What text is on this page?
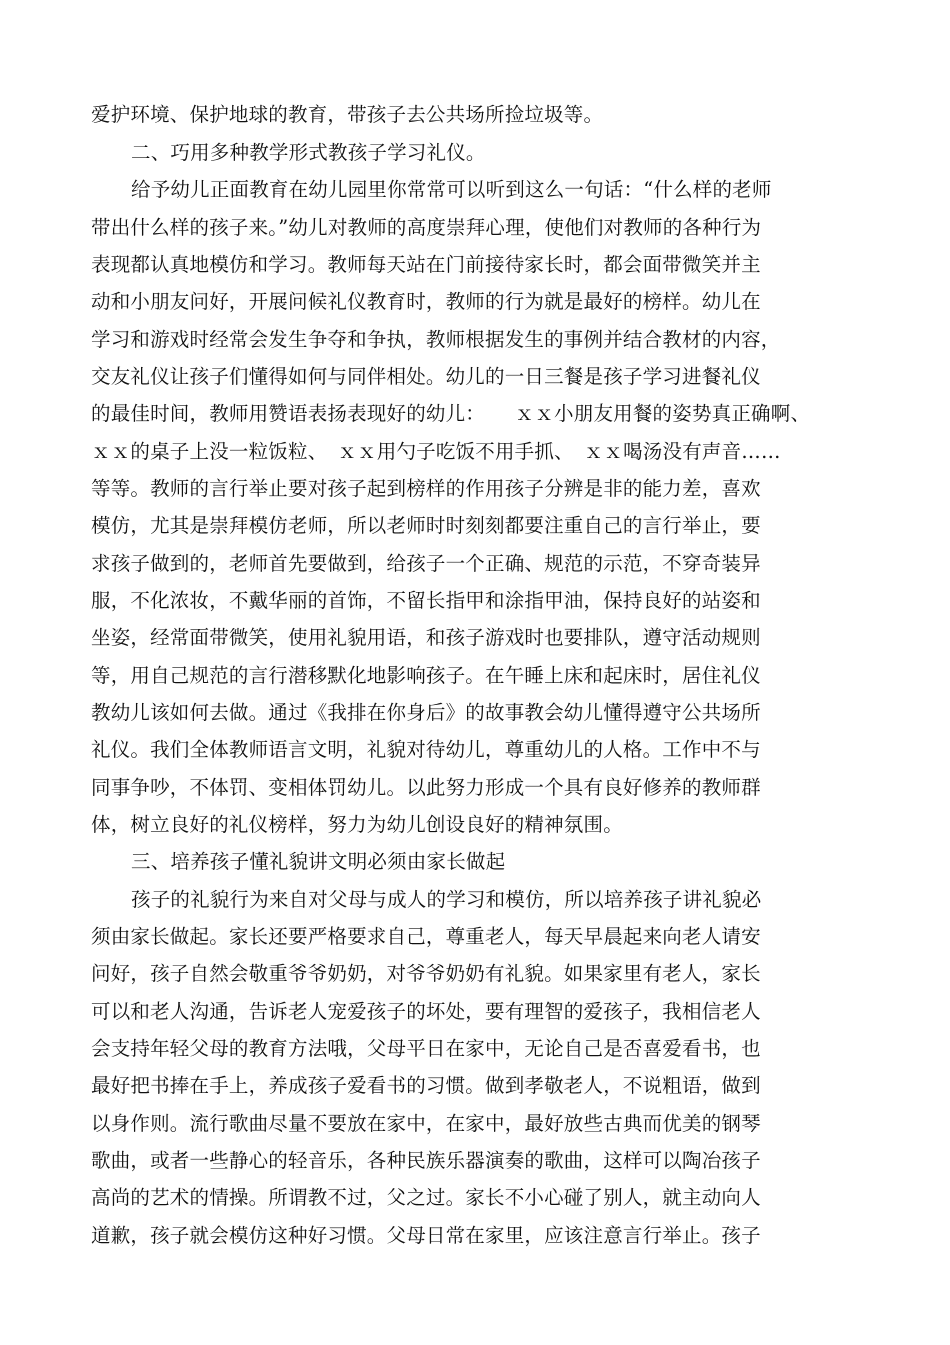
爱护环境、保护地球的教育，带孩子去公共场所捡垃圾等。
二、巧用多种教学形式教孩子学习礼仪。
给予幼儿正面教育在幼儿园里你常常可以听到这么一句话：“什么样的老师
带出什么样的孩子来。”幼儿对教师的高度崇拜心理，使他们对教师的各种行为
表现都认真地模仿和学习。教师每天站在门前接待家长时，都会面带微笑并主
动和小朋友问好，开展问候礼仪教育时，教师的行为就是最好的榜样。幼儿在
学习和游戏时经常会发生争夺和争执，教师根据发生的事例并结合教材的内容，
交友礼仪让孩子们懂得如何与同伴相处。幼儿的一日三餐是孩子学习进餐礼仪
的最佳时间，教师用赞语表扬表现好的幼儿：　　ｘｘ小朋友用餐的姿势真正确啊、
ｘｘ的桌子上没一粒饭粒、　ｘｘ用勺子吃饭不用手抓、　ｘｘ喝汤没有声音……
等等。教师的言行举止要对孩子起到榜样的作用孩子分辨是非的能力差，喜欢
模仿，尤其是崇拜模仿老师，所以老师时时刻刻都要注重自己的言行举止，要
求孩子做到的，老师首先要做到，给孩子一个正确、规范的示范，不穿奇装异
服，不化浓妆，不戴华丽的首饰，不留长指甲和涂指甲油，保持良好的站姿和
坐姿，经常面带微笑，使用礼貌用语，和孩子游戏时也要排队，遵守活动规则
等，用自己规范的言行潜移默化地影响孩子。在午睡上床和起床时，居住礼仪
教幼儿该如何去做。通过《我排在你身后》的故事教会幼儿懂得遵守公共场所
礼仪。我们全体教师语言文明，礼貌对待幼儿，尊重幼儿的人格。工作中不与
同事争吵，不体罚、变相体罚幼儿。以此努力形成一个具有良好修养的教师群
体，树立良好的礼仪榜样，努力为幼儿创设良好的精神氛围。
三、培养孩子懂礼貌讲文明必须由家长做起
孩子的礼貌行为来自对父母与成人的学习和模仿，所以培养孩子讲礼貌必
须由家长做起。家长还要严格要求自己，尊重老人，每天早晨起来向老人请安
问好，孩子自然会敬重爷爷奶奶，对爷爷奶奶有礼貌。如果家里有老人，家长
可以和老人沟通，告诉老人宠爱孩子的坏处，要有理智的爱孩子，我相信老人
会支持年轻父母的教育方法哦，父母平日在家中，无论自己是否喜爱看书，也
最好把书捧在手上，养成孩子爱看书的习惯。做到孝敬老人，不说粗语，做到
以身作则。流行歌曲尽量不要放在家中，在家中，最好放些古典而优美的钢琴
歌曲，或者一些静心的轻音乐，各种民族乐器演奏的歌曲，这样可以陶冶孩子
高尚的艺术的情操。所谓教不过，父之过。家长不小心碰了别人，就主动向人
道歉，孩子就会模仿这种好习惯。父母日常在家里，应该注意言行举止。孩子
